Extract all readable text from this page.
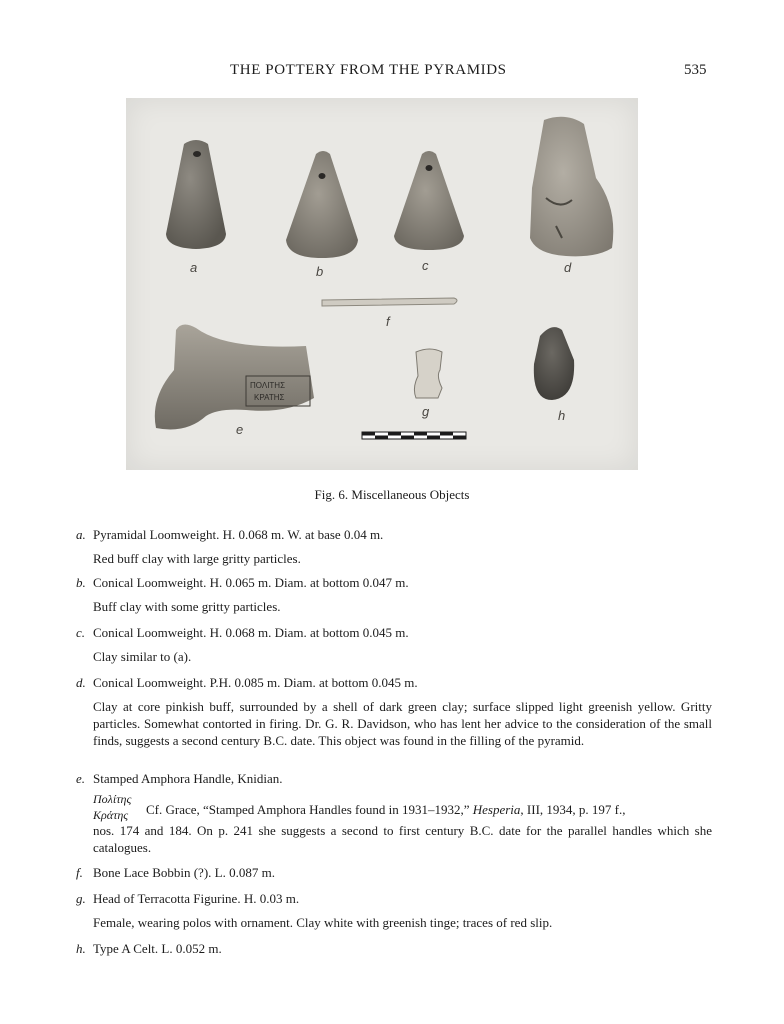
THE POTTERY FROM THE PYRAMIDS	535
a	b	c	d
f
e
g	h
ΠΟΛΙΤΗΣ
ΚΡΑΤΗΣ
Fig. 6. Miscellaneous Objects
a. Pyramidal Loomweight. H. 0.068 m. W. at base 0.04 m.
Red buff clay with large gritty particles.
b. Conical Loomweight. H. 0.065 m. Diam. at bottom 0.047 m.
Buff clay with some gritty particles.
c. Conical Loomweight. H. 0.068 m. Diam. at bottom 0.045 m.
Clay similar to (a).
d. Conical Loomweight. P.H. 0.085 m. Diam. at bottom 0.045 m.
Clay at core pinkish buff, surrounded by a shell of dark green clay; surface slipped light greenish yellow. Gritty particles. Somewhat contorted in firing. Dr. G. R. Davidson, who has lent her advice to the consideration of the small finds, suggests a second century B.C. date. This object was found in the filling of the pyramid.
e. Stamped Amphora Handle, Knidian.
Πολίτης
Κράτης Cf. Grace, “Stamped Amphora Handles found in 1931–1932,” Hesperia, III, 1934, p. 197 f.,
nos. 174 and 184. On p. 241 she suggests a second to first century B.C. date for the parallel handles which she catalogues.
f. Bone Lace Bobbin (?). L. 0.087 m.
g. Head of Terracotta Figurine. H. 0.03 m.
Female, wearing polos with ornament. Clay white with greenish tinge; traces of red slip.
h. Type A Celt. L. 0.052 m.
